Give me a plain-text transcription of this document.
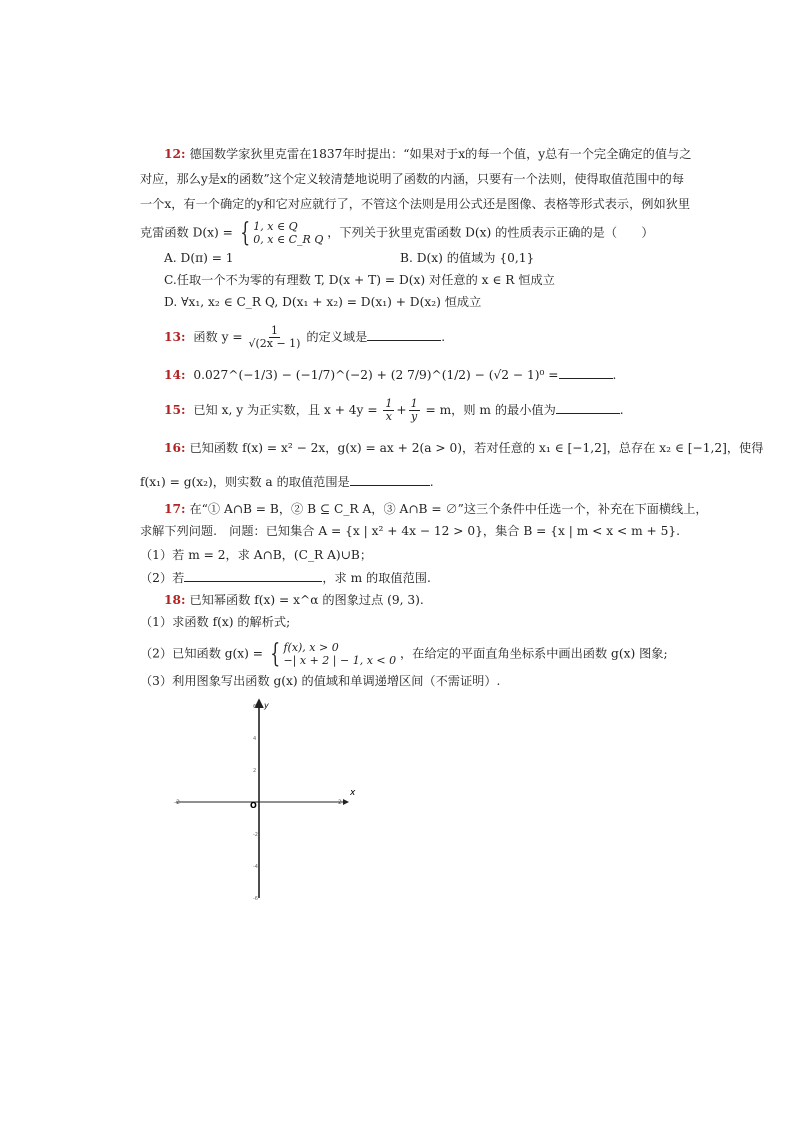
12: 德国数学家狄里克雷在1837年时提出：“如果对于x的每一个值，y总有一个完全确定的值与之
对应，那么y是x的函数”这个定义较清楚地说明了函数的内涵，只要有一个法则，使得取值范围中的每
一个x，有一个确定的y和它对应就行了，不管这个法则是用公式还是图像、表格等形式表示，例如狄里
克雷函数 D(x) = { 1, x ∈ Q
0, x ∈ C_R Q ，下列关于狄里克雷函数 D(x) 的性质表示正确的是（　　）
A. D(π) = 1	B. D(x) 的值域为 {0,1}
C.任取一个不为零的有理数 T, D(x + T) = D(x) 对任意的 x ∈ R 恒成立
D. ∀x₁, x₂ ∈ C_R Q, D(x₁ + x₂) = D(x₁) + D(x₂) 恒成立
13: 函数 $y = \frac{1}{√(2x - 1)}$ 的定义域是	.
14: 0.027^(−1/3) − (−1/7)^(−2) + (2 7/9)^(1/2) − (√2 − 1)⁰ =	.
15: 已知 x, y 为正实数，且 $x + 4y = \frac{1}{x} + \frac{1}{y} = m$，则 m 的最小值为	.
16: 已知函数 f(x) = x² − 2x，g(x) = ax + 2(a > 0)，若对任意的 x₁ ∈ [−1,2]，总存在 x₂ ∈ [−1,2]，使得
f(x₁) = g(x₂)，则实数 a 的取值范围是	.
17: 在“① A∩B = B，② B ⊆ C_R A，③ A∩B = ∅”这三个条件中任选一个，补充在下面横线上，
求解下列问题.　问题：已知集合 A = {x | x² + 4x − 12 > 0}，集合 B = {x | m < x < m + 5}.
（1）若 m = 2，求 A∩B，(C_R A)∪B；
（2）若	，求 m 的取值范围.
18: 已知幂函数 f(x) = x^α 的图象过点 (9, 3).
（1）求函数 f(x) 的解析式;
（2）已知函数 g(x) = { f(x), x > 0
−| x + 2 | − 1, x < 0 ，在给定的平面直角坐标系中画出函数 g(x) 图象;
（3）利用图象写出函数 g(x) 的值域和单调递增区间（不需证明）.
x
y
O
-2	2
6
4
2
-2
-4
-6
